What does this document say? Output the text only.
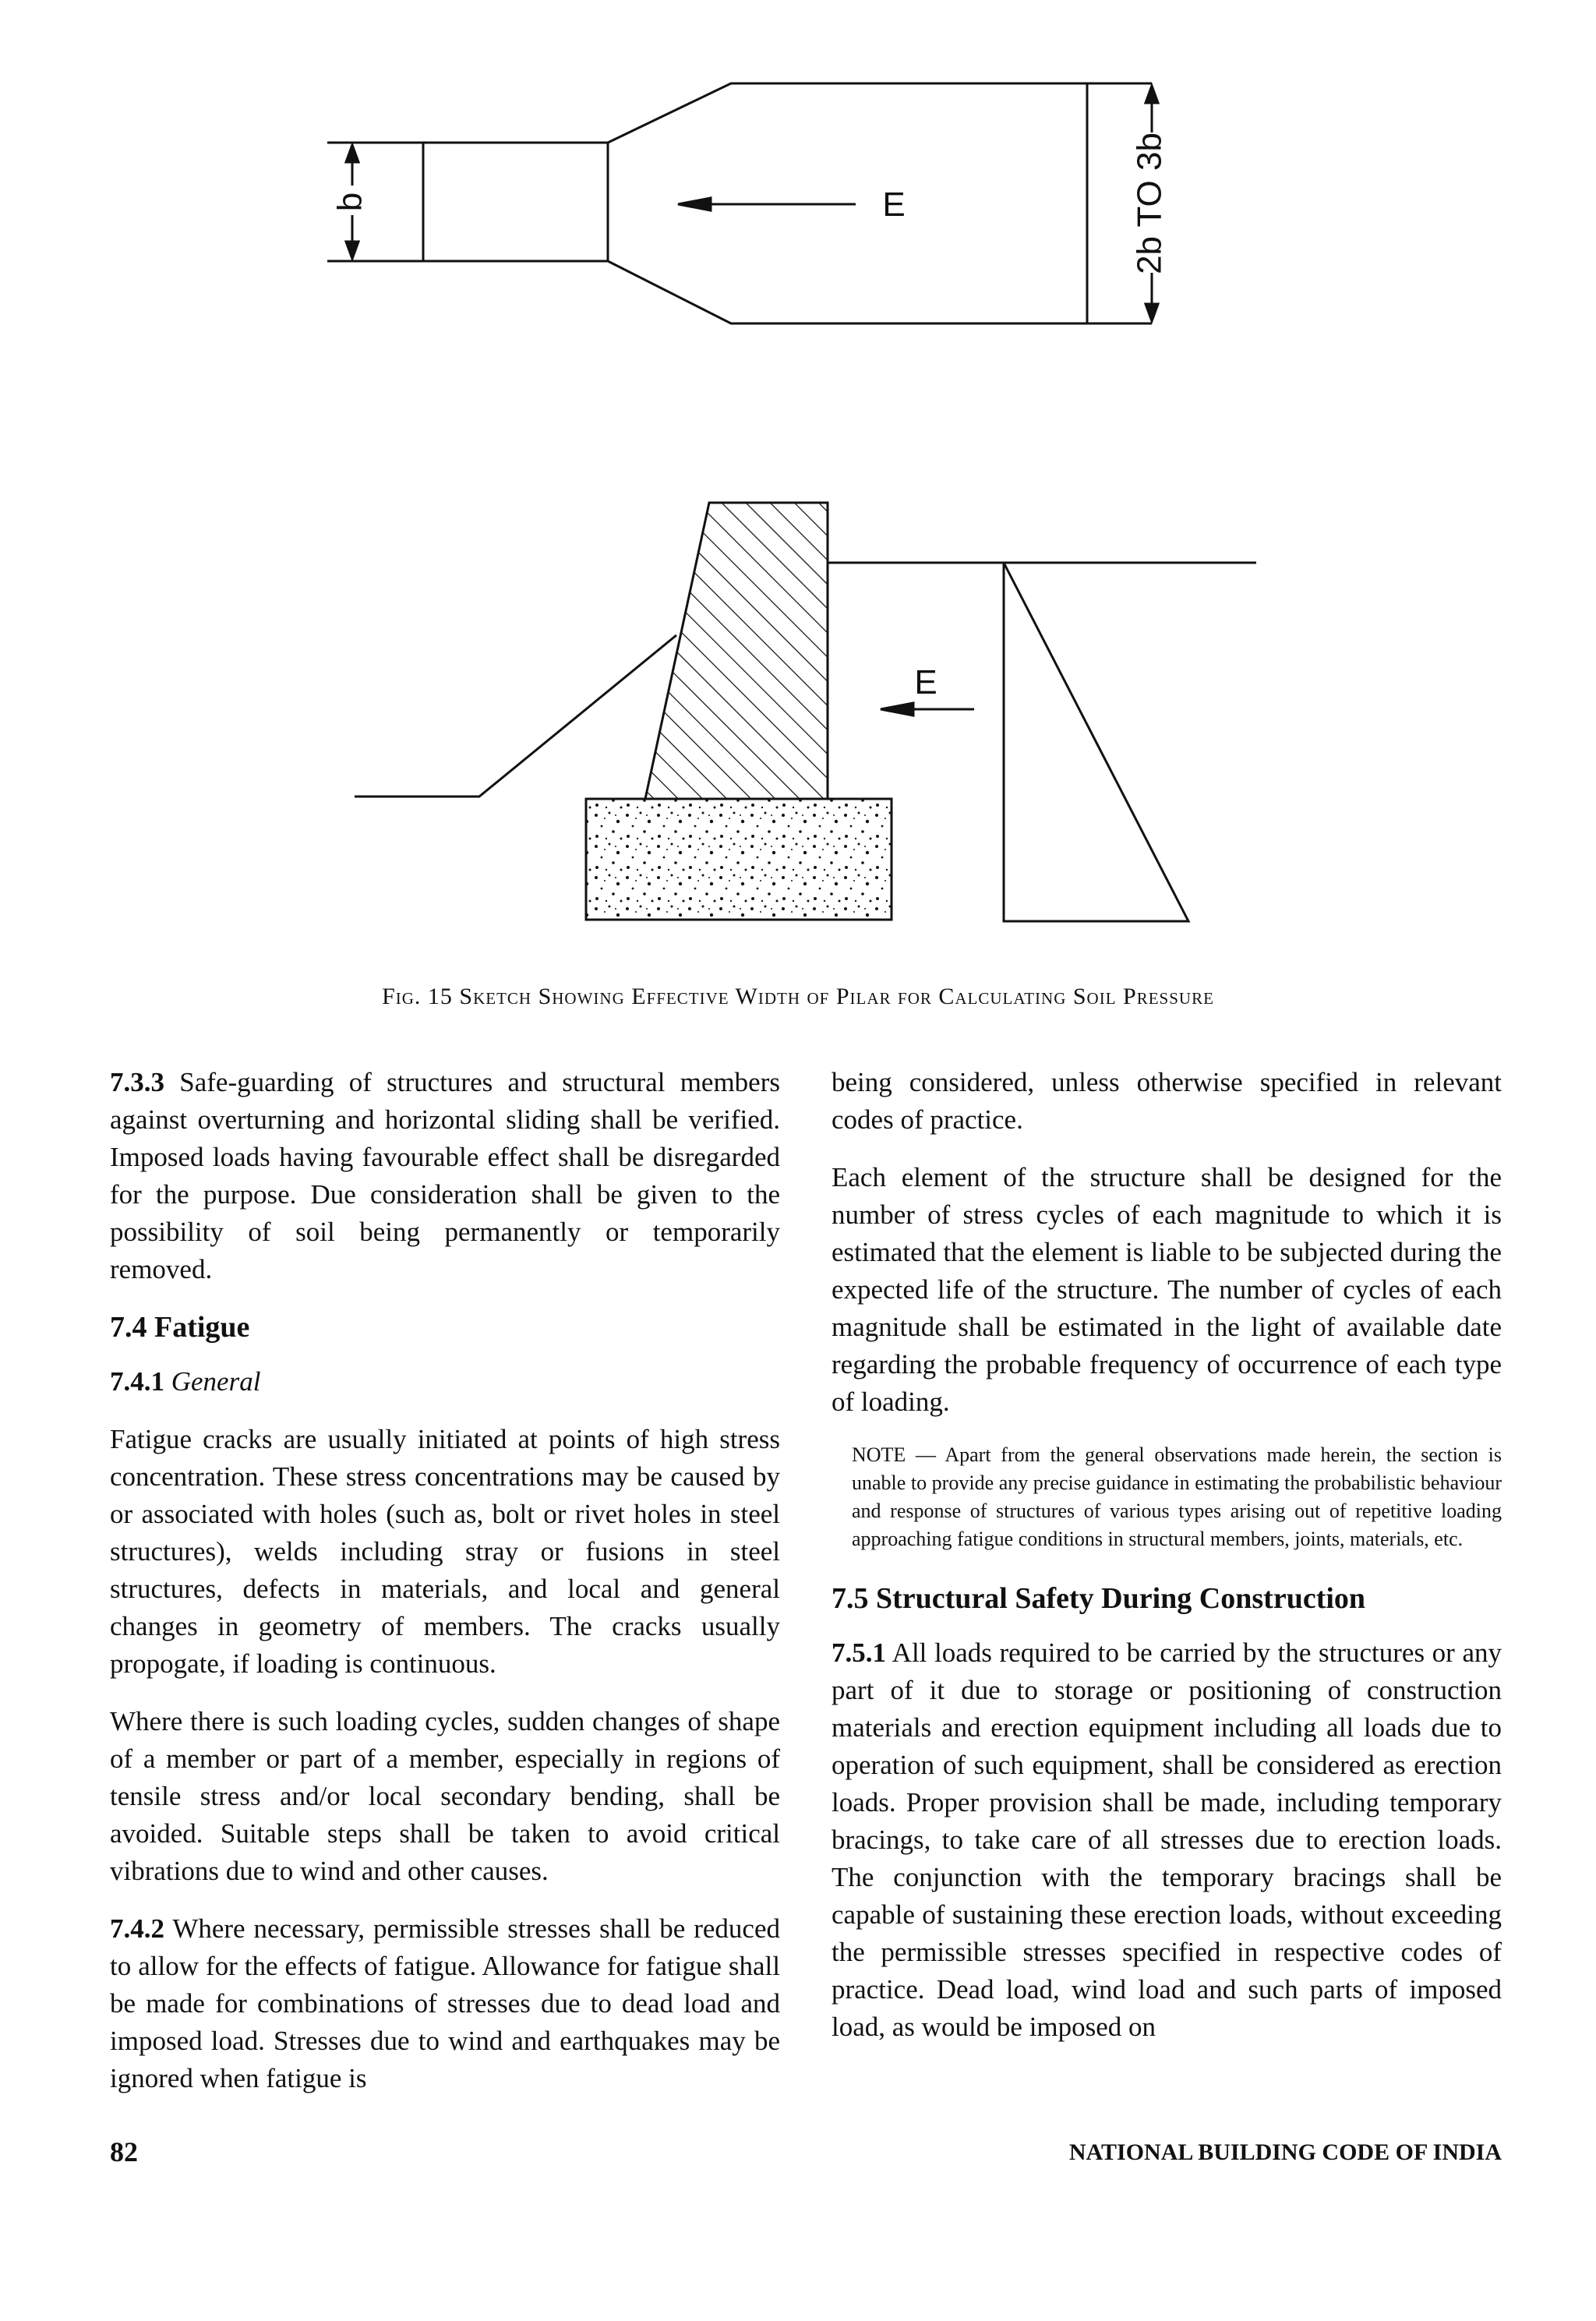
b	2b TO 3b
E
E
Fig. 15 Sketch Showing Effective Width of Pilar for Calculating Soil Pressure

7.3.3 Safe-guarding of structures and structural members against overturning and horizontal sliding shall be verified. Imposed loads having favourable effect shall be disregarded for the purpose. Due consideration shall be given to the possibility of soil being permanently or temporarily removed.

7.4 Fatigue

7.4.1 General

Fatigue cracks are usually initiated at points of high stress concentration. These stress concentrations may be caused by or associated with holes (such as, bolt or rivet holes in steel structures), welds including stray or fusions in steel structures, defects in materials, and local and general changes in geometry of members. The cracks usually propogate, if loading is continuous.

Where there is such loading cycles, sudden changes of shape of a member or part of a member, especially in regions of tensile stress and/or local secondary bending, shall be avoided. Suitable steps shall be taken to avoid critical vibrations due to wind and other causes.

7.4.2 Where necessary, permissible stresses shall be reduced to allow for the effects of fatigue. Allowance for fatigue shall be made for combinations of stresses due to dead load and imposed load. Stresses due to wind and earthquakes may be ignored when fatigue is

being considered, unless otherwise specified in relevant codes of practice.

Each element of the structure shall be designed for the number of stress cycles of each magnitude to which it is estimated that the element is liable to be subjected during the expected life of the structure. The number of cycles of each magnitude shall be estimated in the light of available date regarding the probable frequency of occurrence of each type of loading.

NOTE — Apart from the general observations made herein, the section is unable to provide any precise guidance in estimating the probabilistic behaviour and response of structures of various types arising out of repetitive loading approaching fatigue conditions in structural members, joints, materials, etc.
7.5 Structural Safety During Construction

7.5.1 All loads required to be carried by the structures or any part of it due to storage or positioning of construction materials and erection equipment including all loads due to operation of such equipment, shall be considered as erection loads. Proper provision shall be made, including temporary bracings, to take care of all stresses due to erection loads. The conjunction with the temporary bracings shall be capable of sustaining these erection loads, without exceeding the permissible stresses specified in respective codes of practice. Dead load, wind load and such parts of imposed load, as would be imposed on

82	NATIONAL BUILDING CODE OF INDIA
